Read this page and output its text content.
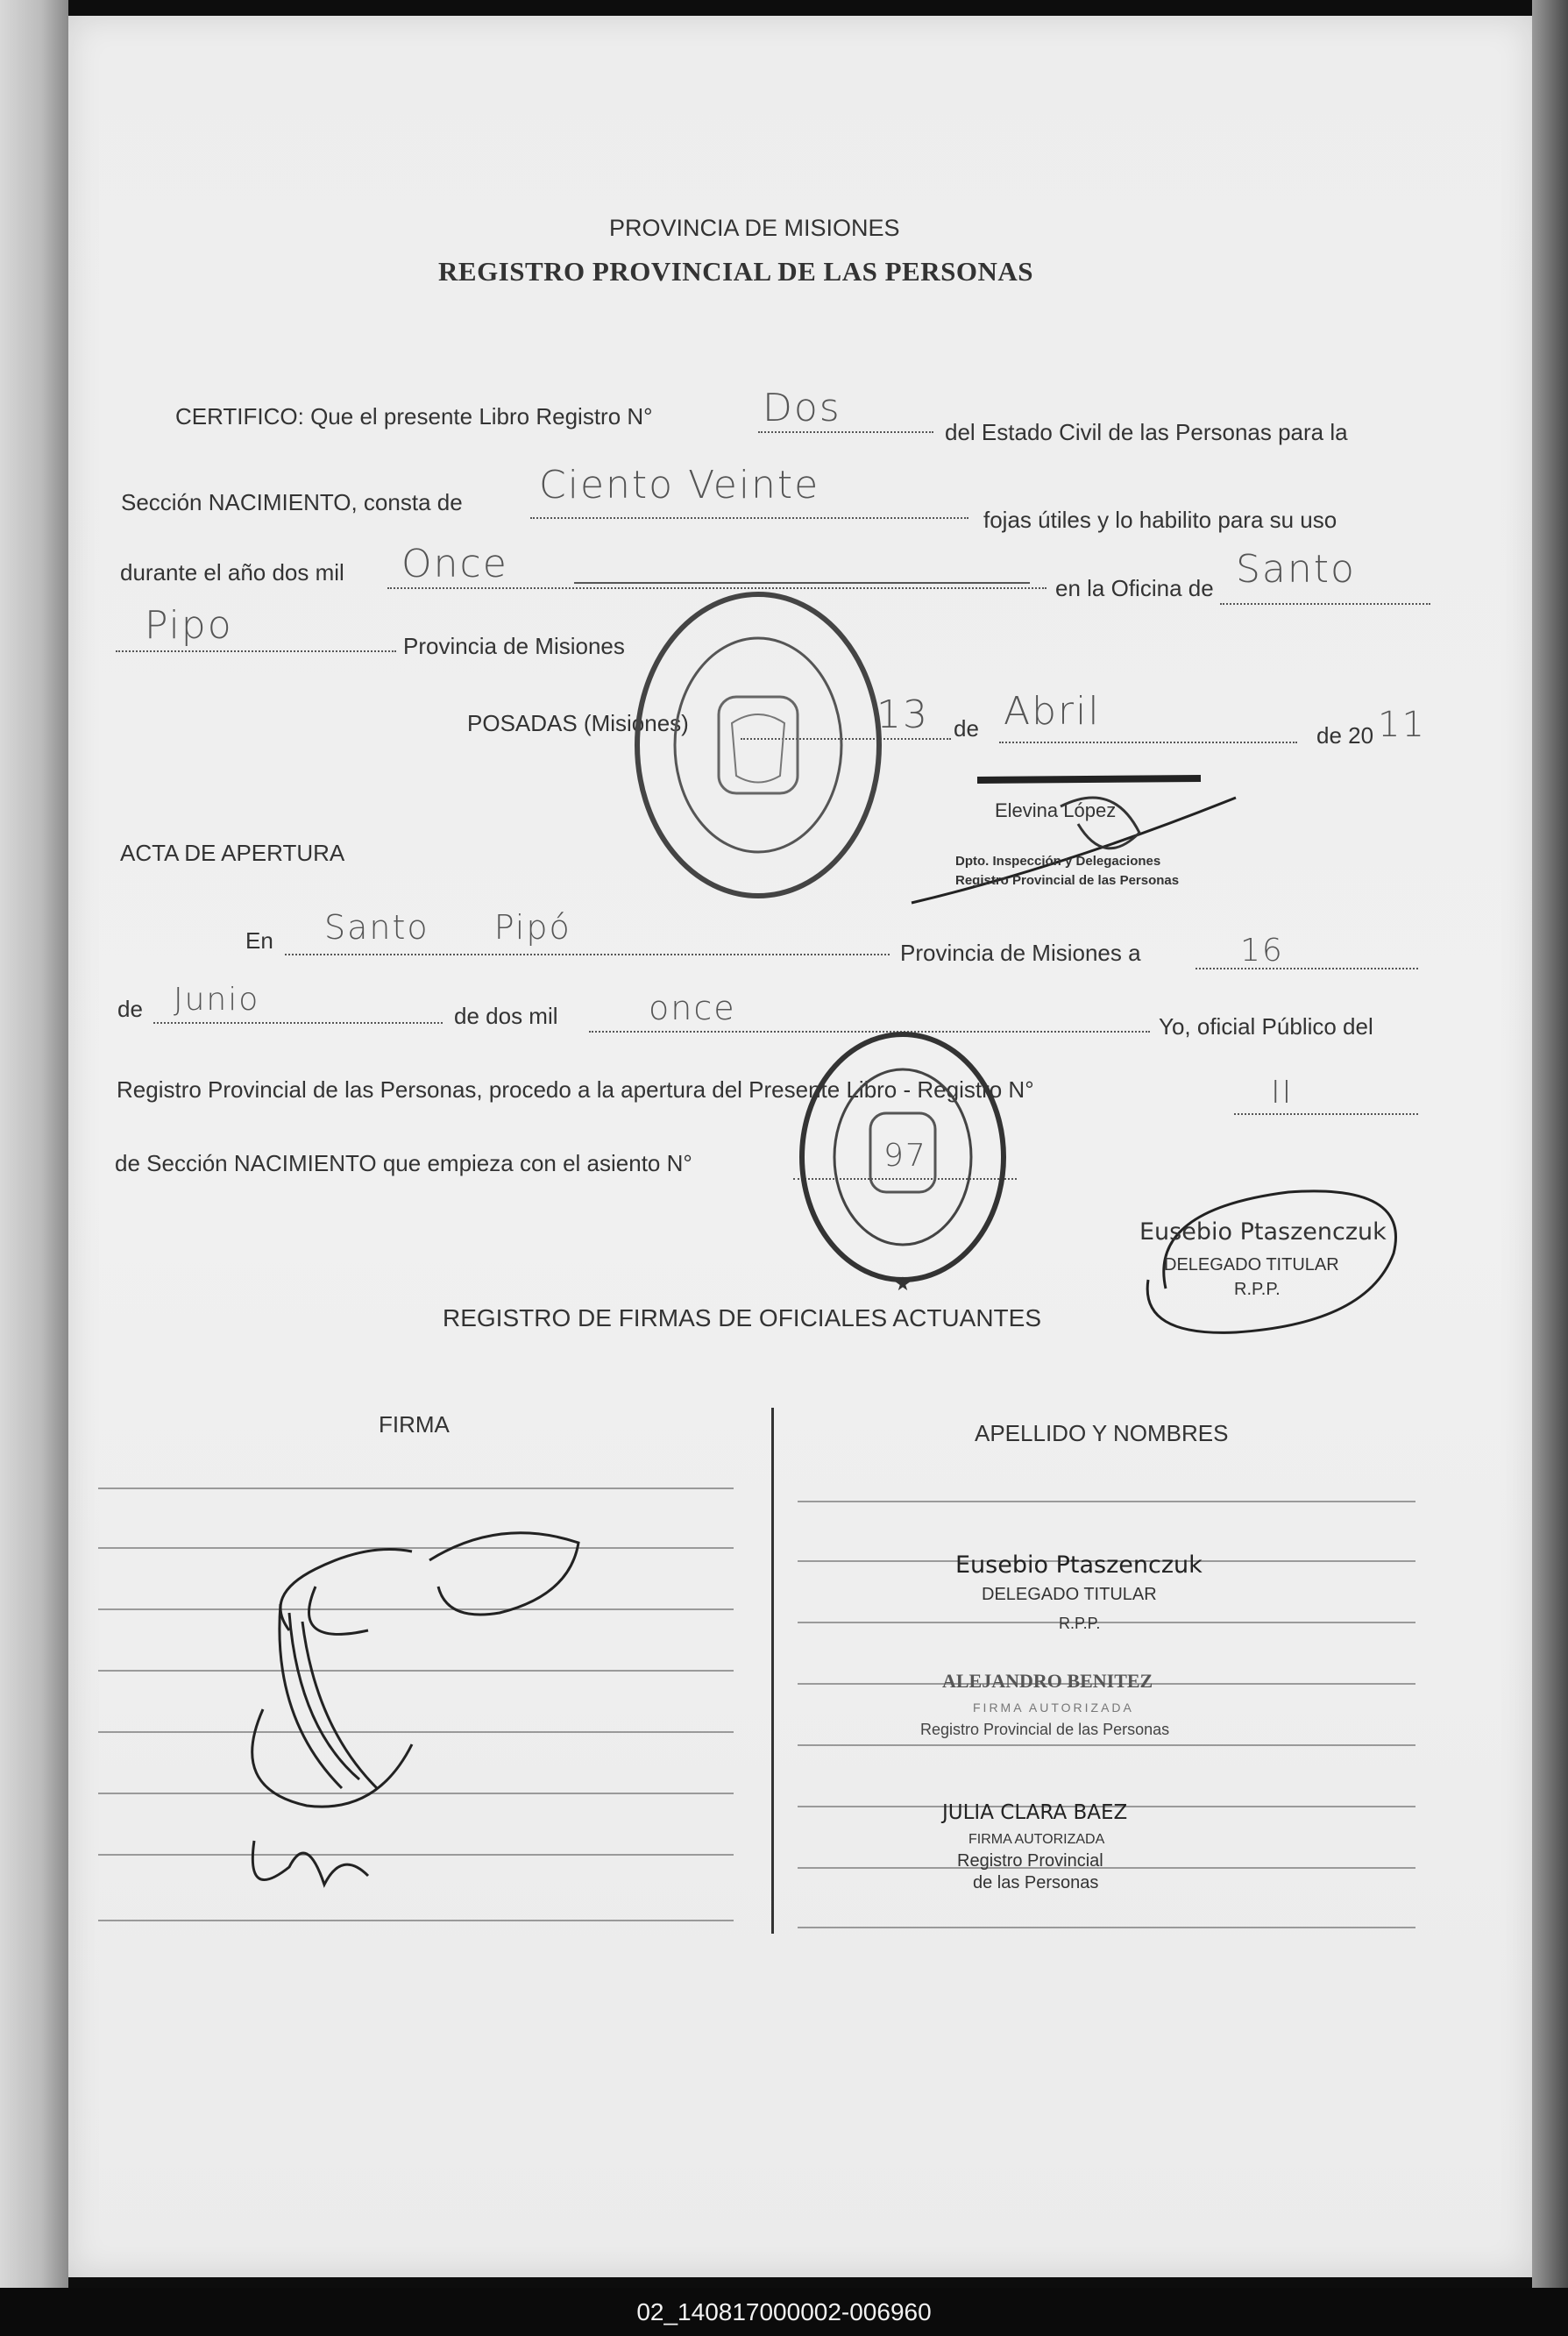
PROVINCIA DE MISIONES
REGISTRO PROVINCIAL DE LAS PERSONAS
CERTIFICO: Que el presente Libro Registro N°	Dos
del Estado Civil de las Personas para la
Sección NACIMIENTO, consta de Ciento Veinte
fojas útiles y lo habilito para su uso
durante el año dos mil Once
en la Oficina de Santo
Pipo	Provincia de Misiones
POSADAS (Misiones)	13 de Abril
de 20 11
Elevina López
Dpto. Inspección y Delegaciones
Registro Provincial de las Personas
ACTA DE APERTURA
En Santo Pipó
Provincia de Misiones a	16
de Junio	de dos mil	once	Yo, oficial Público del
Registro Provincial de las Personas, procedo a la apertura del Presente Libro - Registro N°	II
de Sección NACIMIENTO que empieza con el asiento N°	97
★
Eusebio Ptaszenczuk
DELEGADO TITULAR
R.P.P.
REGISTRO DE FIRMAS DE OFICIALES ACTUANTES
FIRMA	APELLIDO Y NOMBRES
Eusebio Ptaszenczuk
DELEGADO TITULAR
R.P.P.
ALEJANDRO BENITEZ
FIRMA AUTORIZADA
Registro Provincial de las Personas
JULIA CLARA BAEZ
FIRMA AUTORIZADA
Registro Provincial
de las Personas
02_140817000002-006960
